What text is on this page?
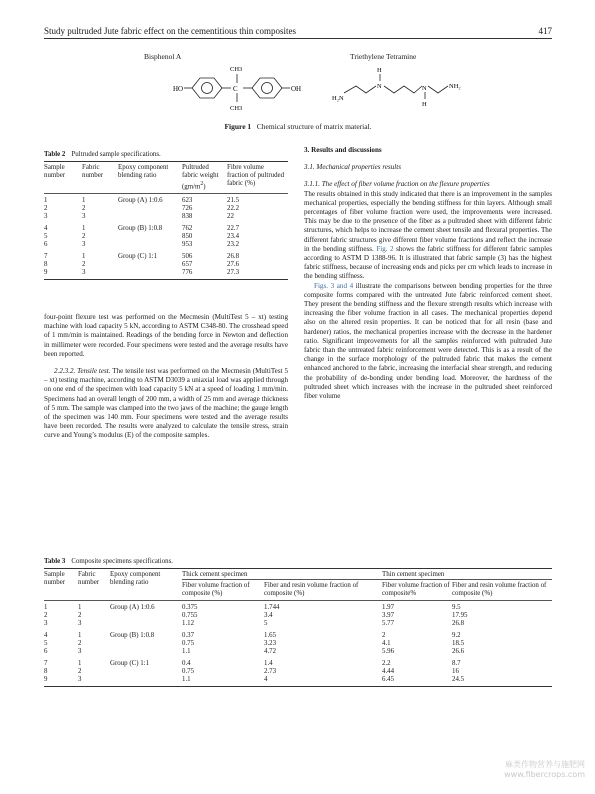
Study pultruded Jute fabric effect on the cementitious thin composites	417
Bisphenol A	Triethylene Tetramine
HO	OH
C
CH3
CH3
H₂N
N
H
N
H
NH₂
Figure 1 Chemical structure of matrix material.
Table 2 Pultruded sample specifications.
Sample number	Fabric number	Epoxy component blending ratio	Pultruded fabric weight $(gm/m^2)$	Fibre volume fraction of pultruded fabric (%)
1	1	Group (A) 1:0.6	623	21.5
2	2		726	22.2
3	3		838	22

4	1	Group (B) 1:0.8	762	22.7
5	2		850	23.4
6	3		953	23.2

7	1	Group (C) 1:1	506	26.8
8	2		657	27.6
9	3		776	27.3

four-point flexure test was performed on the Mecmesin (MultiTest 5 – xt) testing machine with load capacity 5 kN, according to ASTM C348-80. The crosshead speed of 1 mm/min is maintained. Readings of the bending force in Newton and deflection in millimeter were recorded. Four specimens were tested and the average results have been reported.

2.2.3.2. Tensile test. The tensile test was performed on the Mecmesin (MultiTest 5 – xt) testing machine, according to ASTM D3039 a uniaxial load was applied through on one end of the specimen with load capacity 5 kN at a speed of loading 1 mm/min. Specimens had an overall length of 200 mm, a width of 25 mm and average thickness of 5 mm. The sample was clamped into the two jaws of the machine; the gauge length of the specimen was 140 mm. Four specimens were tested and the average results have been recorded. The results were analyzed to calculate the tensile stress, strain curve and Young’s modulus (E) of the composite samples.

3. Results and discussions

3.1. Mechanical properties results

3.1.1. The effect of fiber volume fraction on the flexure properties

The results obtained in this study indicated that there is an improvement in the samples mechanical properties, especially the bending stiffness for thin layers. Although small percentages of fiber volume fraction were used, the improvements were increased. This may be due to the presence of the fiber as a pultruded sheet with different fabric structures, which helps to increase the cement sheet tensile and flexural properties. The different fabric structures give different fiber volume fractions and reflect the increase in the bending stiffness. Fig. 2 shows the fabric stiffness for different fabric samples according to ASTM D 1388-96. It is illustrated that fabric sample (3) has the highest fabric stiffness, because of increasing ends and picks per cm which leads to increase in the bending stiffness.

Figs. 3 and 4 illustrate the comparisons between bending properties for the three composite forms compared with the untreated Jute fabric reinforced cement sheet. They present the bending stiffness and the flexure strength results which increase with increasing the fiber volume fraction in all cases. The mechanical properties depend also on the altered resin properties. It can be noticed that for all resin (base and hardener) ratios, the mechanical properties increase with the decrease in the hardener ratio. Significant improvements for all the samples reinforced with pultruded Jute fabric than the untreated fabric reinforcement were detected. This is as a result of the change in the surface morphology of the pultruded fabric that makes the cement enhanced anchored to the fabric, increasing the interfacial shear strength, and reducing the probability of de-bonding under bending load. Moreover, the hardness of the pultruded sheet which increases with the increase in the pultruded sheet reinforced fiber volume

Table 3 Composite specimens specifications.
Sample number	Fabric number	Epoxy component blending ratio	Thick cement specimen		Thin cement specimen	
			Fiber volume fraction of composite (%)	Fiber and resin volume fraction of composite (%)	Fiber volume fraction of composite%	Fiber and resin volume fraction of composite (%)
1	1	Group (A) 1:0.6	0.375	1.744	1.97	9.5
2	2		0.755	3.4	3.97	17.95
3	3		1.12	5	5.77	26.8

4	1	Group (B) 1:0.8	0.37	1.65	2	9.2
5	2		0.75	3.23	4.1	18.5
6	3		1.1	4.72	5.96	26.6

7	1	Group (C) 1:1	0.4	1.4	2.2	8.7
8	2		0.75	2.73	4.44	16
9	3		1.1	4	6.45	24.5
麻类作物营养与施肥网
www.fibercrops.com
